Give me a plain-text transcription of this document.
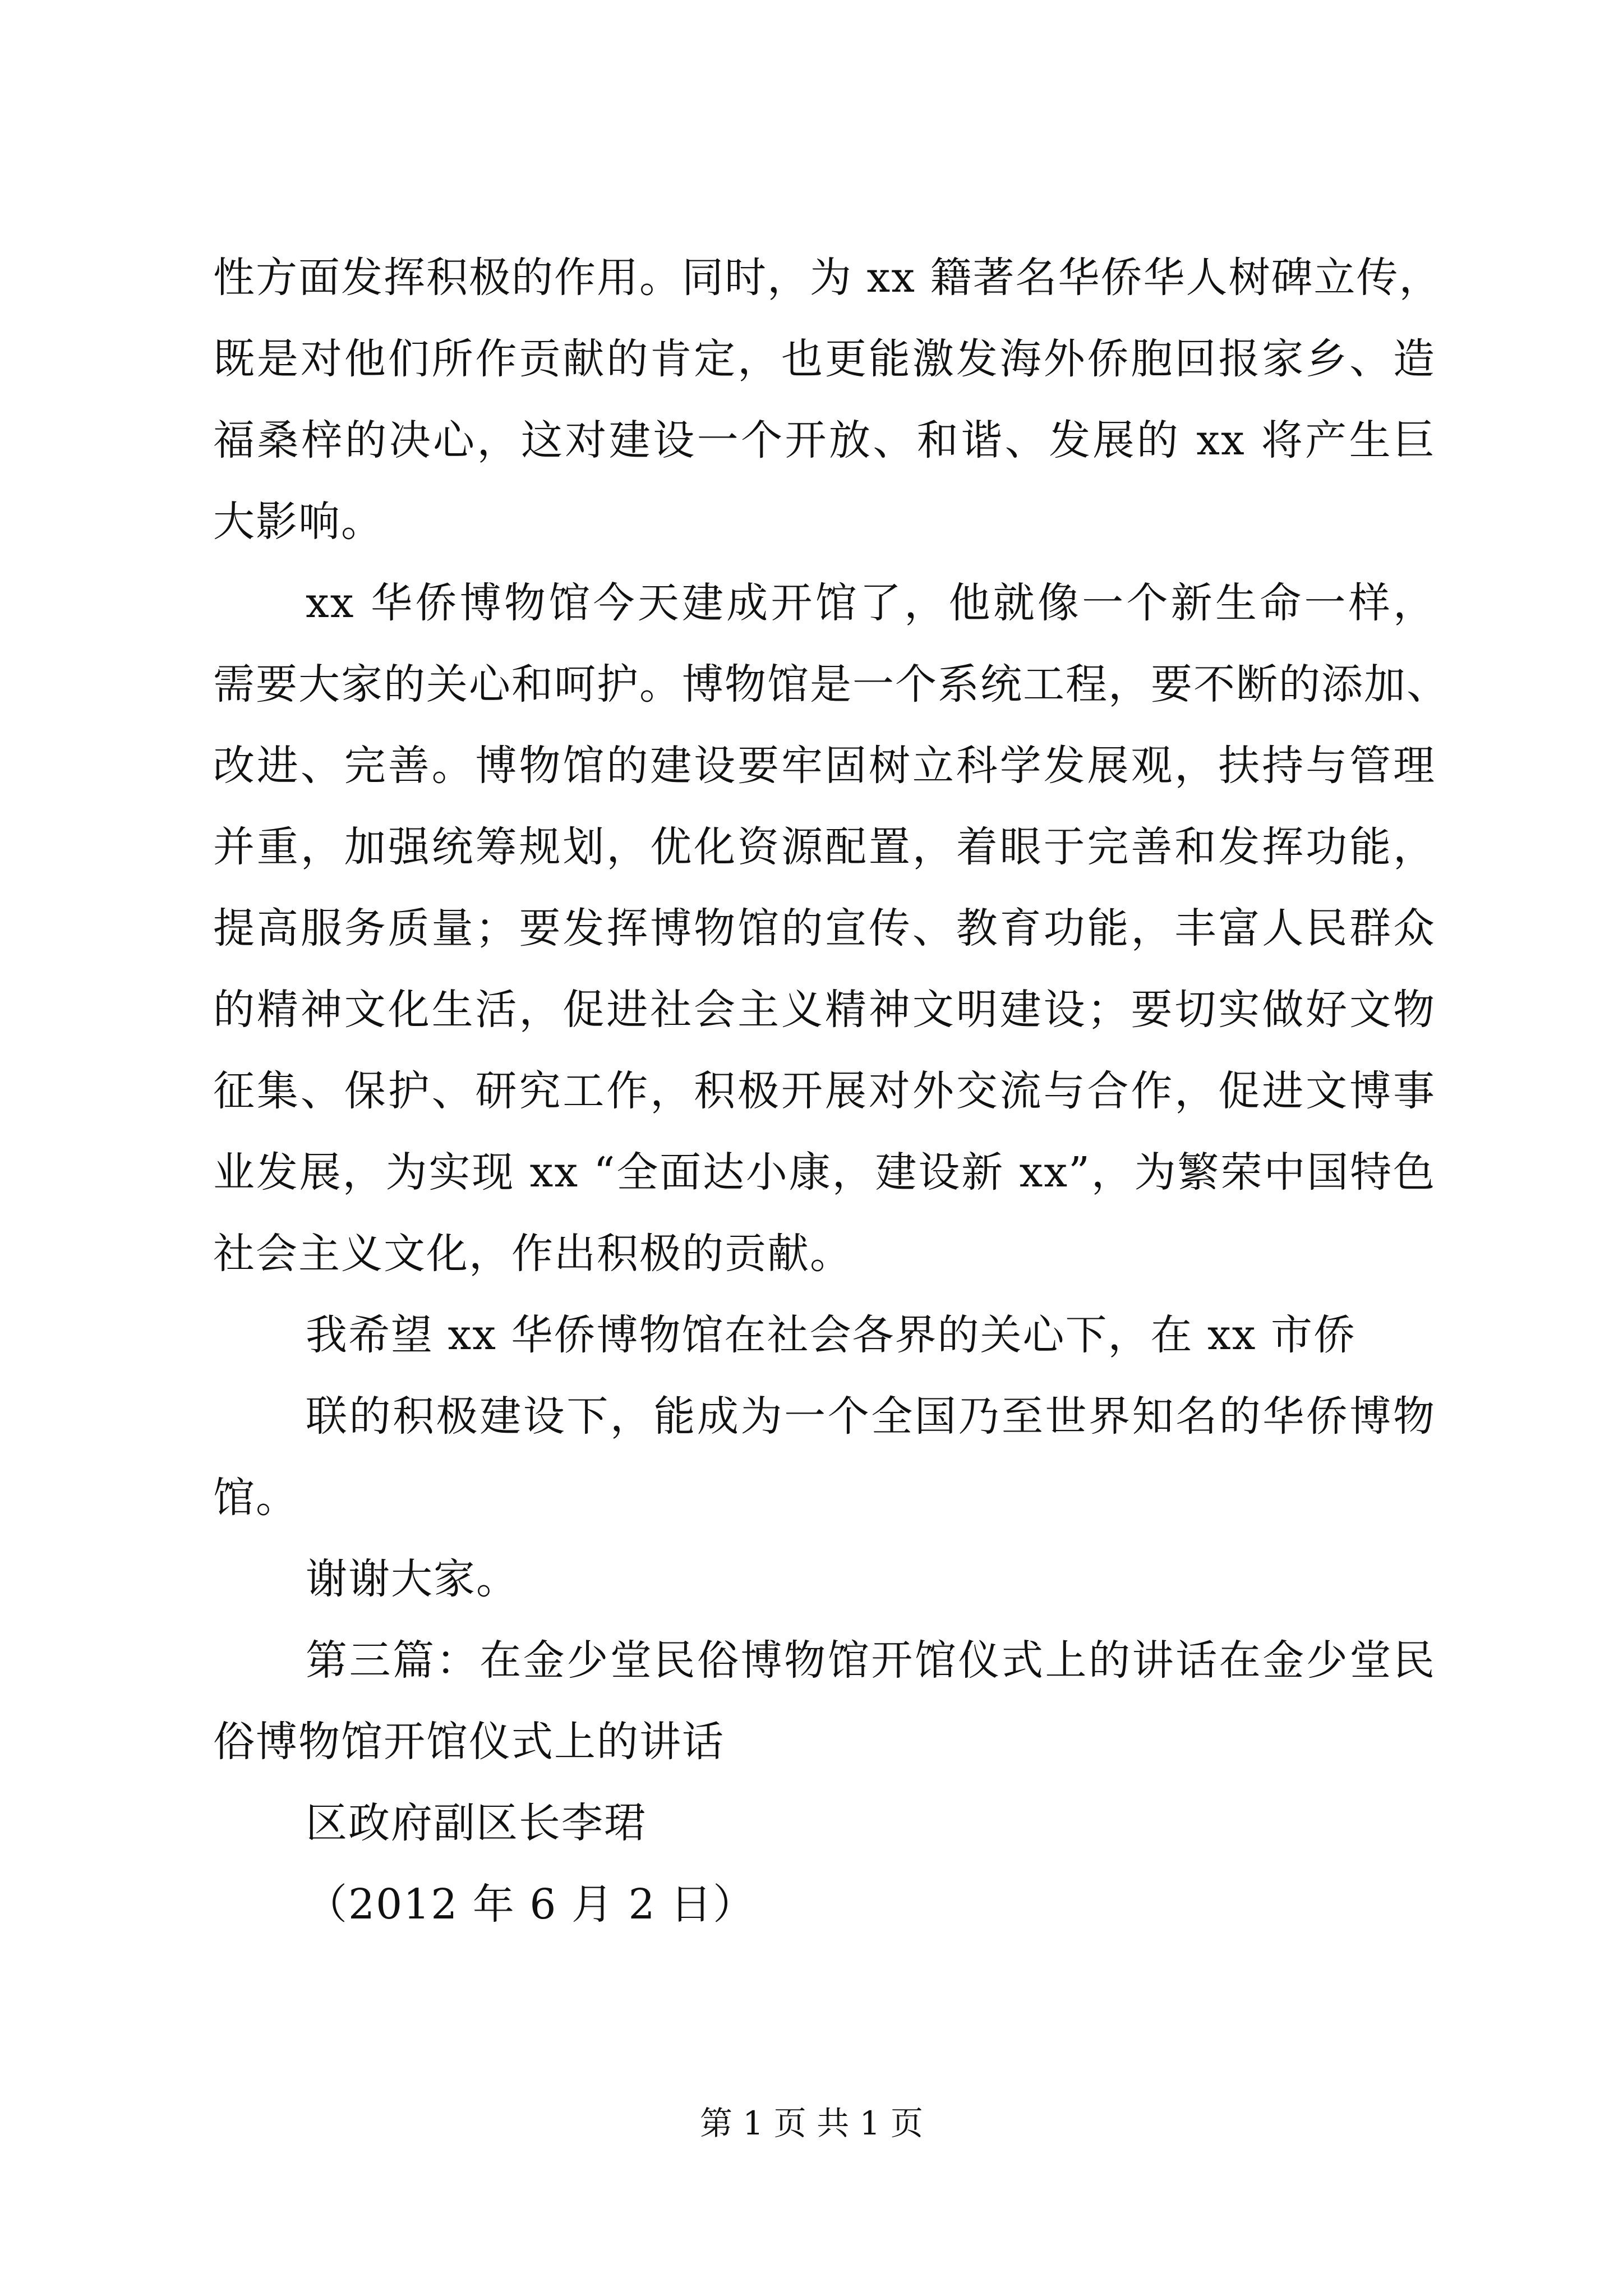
性方面发挥积极的作用。同时，为 xx 籍著名华侨华人树碑立传，
既是对他们所作贡献的肯定，也更能激发海外侨胞回报家乡、造
福桑梓的决心，这对建设一个开放、和谐、发展的 xx 将产生巨
大影响。
xx 华侨博物馆今天建成开馆了，他就像一个新生命一样，
需要大家的关心和呵护。博物馆是一个系统工程，要不断的添加、
改进、完善。博物馆的建设要牢固树立科学发展观，扶持与管理
并重，加强统筹规划，优化资源配置，着眼于完善和发挥功能，
提高服务质量；要发挥博物馆的宣传、教育功能，丰富人民群众
的精神文化生活，促进社会主义精神文明建设；要切实做好文物
征集、保护、研究工作，积极开展对外交流与合作，促进文博事
业发展，为实现 xx “全面达小康，建设新 xx”，为繁荣中国特色
社会主义文化，作出积极的贡献。
我希望 xx 华侨博物馆在社会各界的关心下，在 xx 市侨
联的积极建设下，能成为一个全国乃至世界知名的华侨博物
馆。
谢谢大家。
第三篇：在金少堂民俗博物馆开馆仪式上的讲话在金少堂民
俗博物馆开馆仪式上的讲话
区政府副区长李珺
（2012 年 6 月 2 日）
第 1 页 共 1 页
